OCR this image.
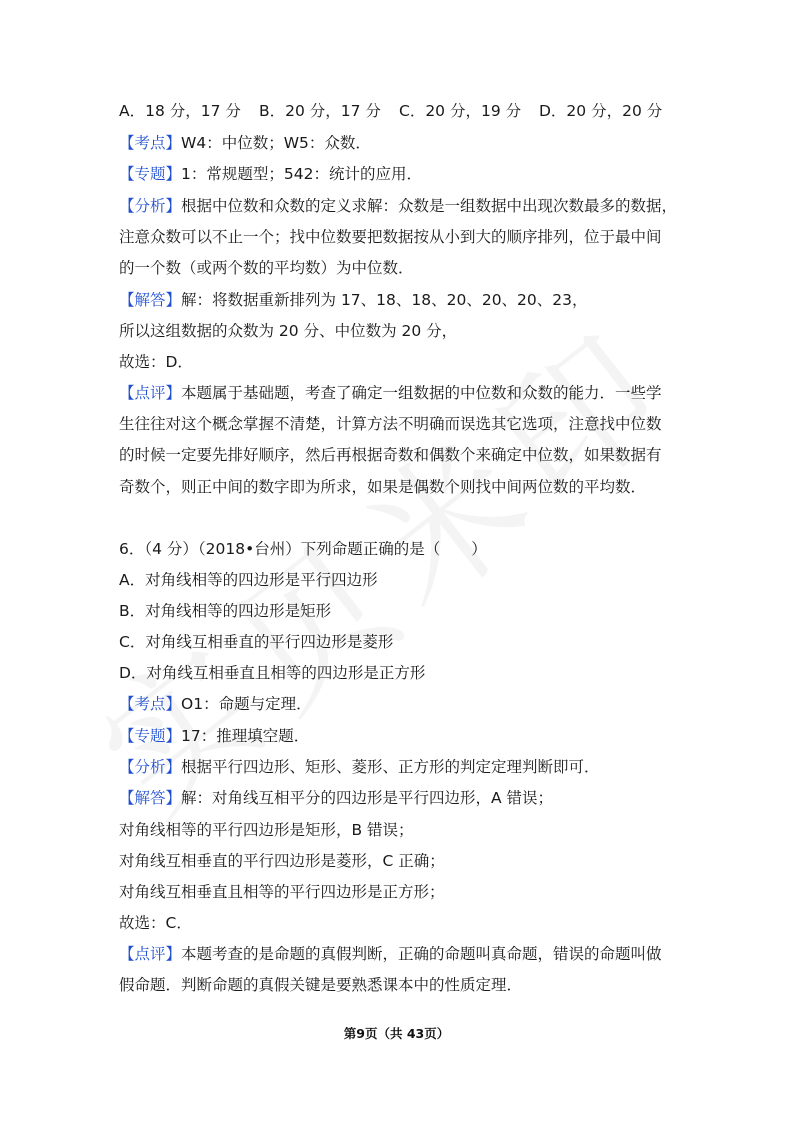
A．18 分，17 分 B．20 分，17 分 C．20 分，19 分 D．20 分，20 分
【考点】W4：中位数；W5：众数．
【专题】1：常规题型；542：统计的应用．
【分析】根据中位数和众数的定义求解：众数是一组数据中出现次数最多的数据，
注意众数可以不止一个；找中位数要把数据按从小到大的顺序排列，位于最中间
的一个数（或两个数的平均数）为中位数．
【解答】解：将数据重新排列为 17、18、18、20、20、20、23，
所以这组数据的众数为 20 分、中位数为 20 分，
故选：D．
【点评】本题属于基础题，考查了确定一组数据的中位数和众数的能力．一些学
生往往对这个概念掌握不清楚，计算方法不明确而误选其它选项，注意找中位数
的时候一定要先排好顺序，然后再根据奇数和偶数个来确定中位数，如果数据有
奇数个，则正中间的数字即为所求，如果是偶数个则找中间两位数的平均数．
6．（4 分）（2018•台州）下列命题正确的是（　　）
A．对角线相等的四边形是平行四边形
B．对角线相等的四边形是矩形
C．对角线互相垂直的平行四边形是菱形
D．对角线互相垂直且相等的四边形是正方形
【考点】O1：命题与定理．
【专题】17：推理填空题．
【分析】根据平行四边形、矩形、菱形、正方形的判定定理判断即可．
【解答】解：对角线互相平分的四边形是平行四边形，A 错误；
对角线相等的平行四边形是矩形，B 错误；
对角线互相垂直的平行四边形是菱形，C 正确；
对角线互相垂直且相等的平行四边形是正方形；
故选：C．
【点评】本题考查的是命题的真假判断，正确的命题叫真命题，错误的命题叫做
假命题．判断命题的真假关键是要熟悉课本中的性质定理．
第9页（共 43页）
